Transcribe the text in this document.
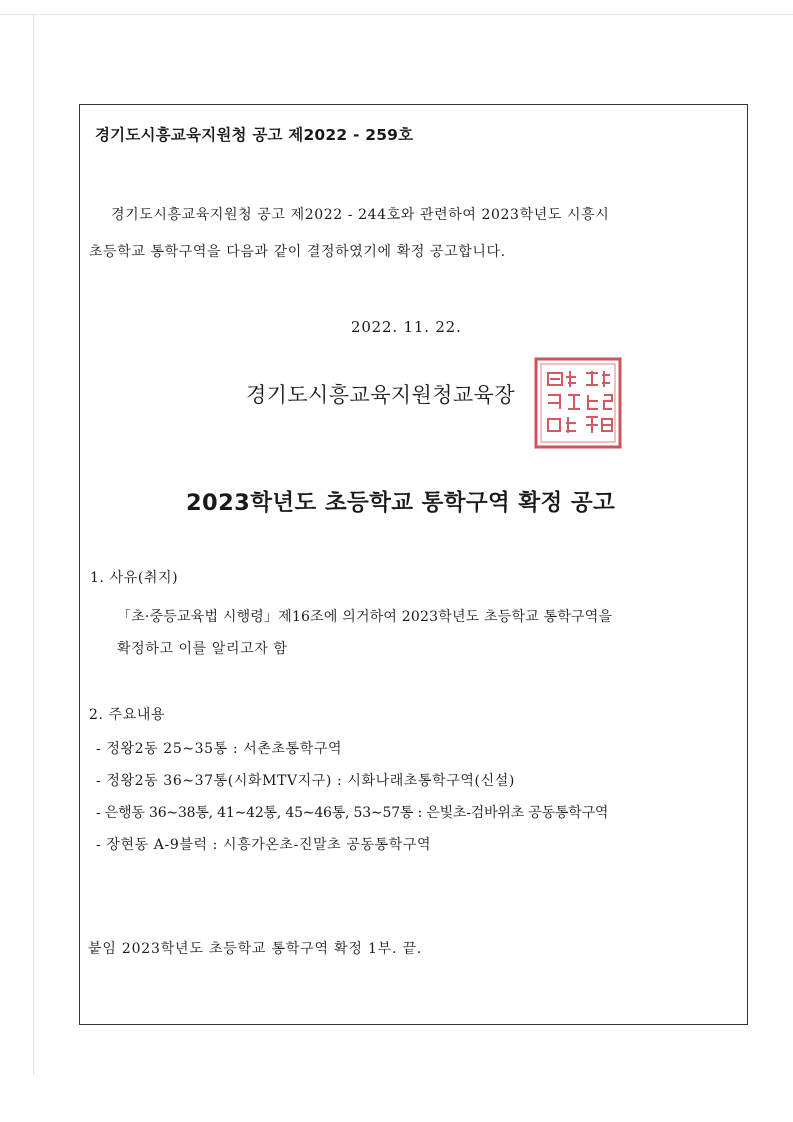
경기도시흥교육지원청 공고 제2022 - 259호

경기도시흥교육지원청 공고 제2022 - 244호와 관련하여 2023학년도 시흥시

초등학교 통학구역을 다음과 같이 결정하였기에 확정 공고합니다.

2022. 11. 22.

경기도시흥교육지원청교육장

2023학년도 초등학교 통학구역 확정 공고

1. 사유(취지)

「초·중등교육법 시행령」제16조에 의거하여 2023학년도 초등학교 통학구역을

확정하고 이를 알리고자 함

2. 주요내용

- 정왕2동 25∼35통 : 서촌초통학구역

- 정왕2동 36∼37통(시화MTV지구) : 시화나래초통학구역(신설)

- 은행동 36∼38통, 41∼42통, 45∼46통, 53∼57통 : 은빛초-검바위초 공동통학구역

- 장현동 A-9블럭 : 시흥가온초-진말초 공동통학구역

붙임 2023학년도 초등학교 통학구역 확정 1부. 끝.
